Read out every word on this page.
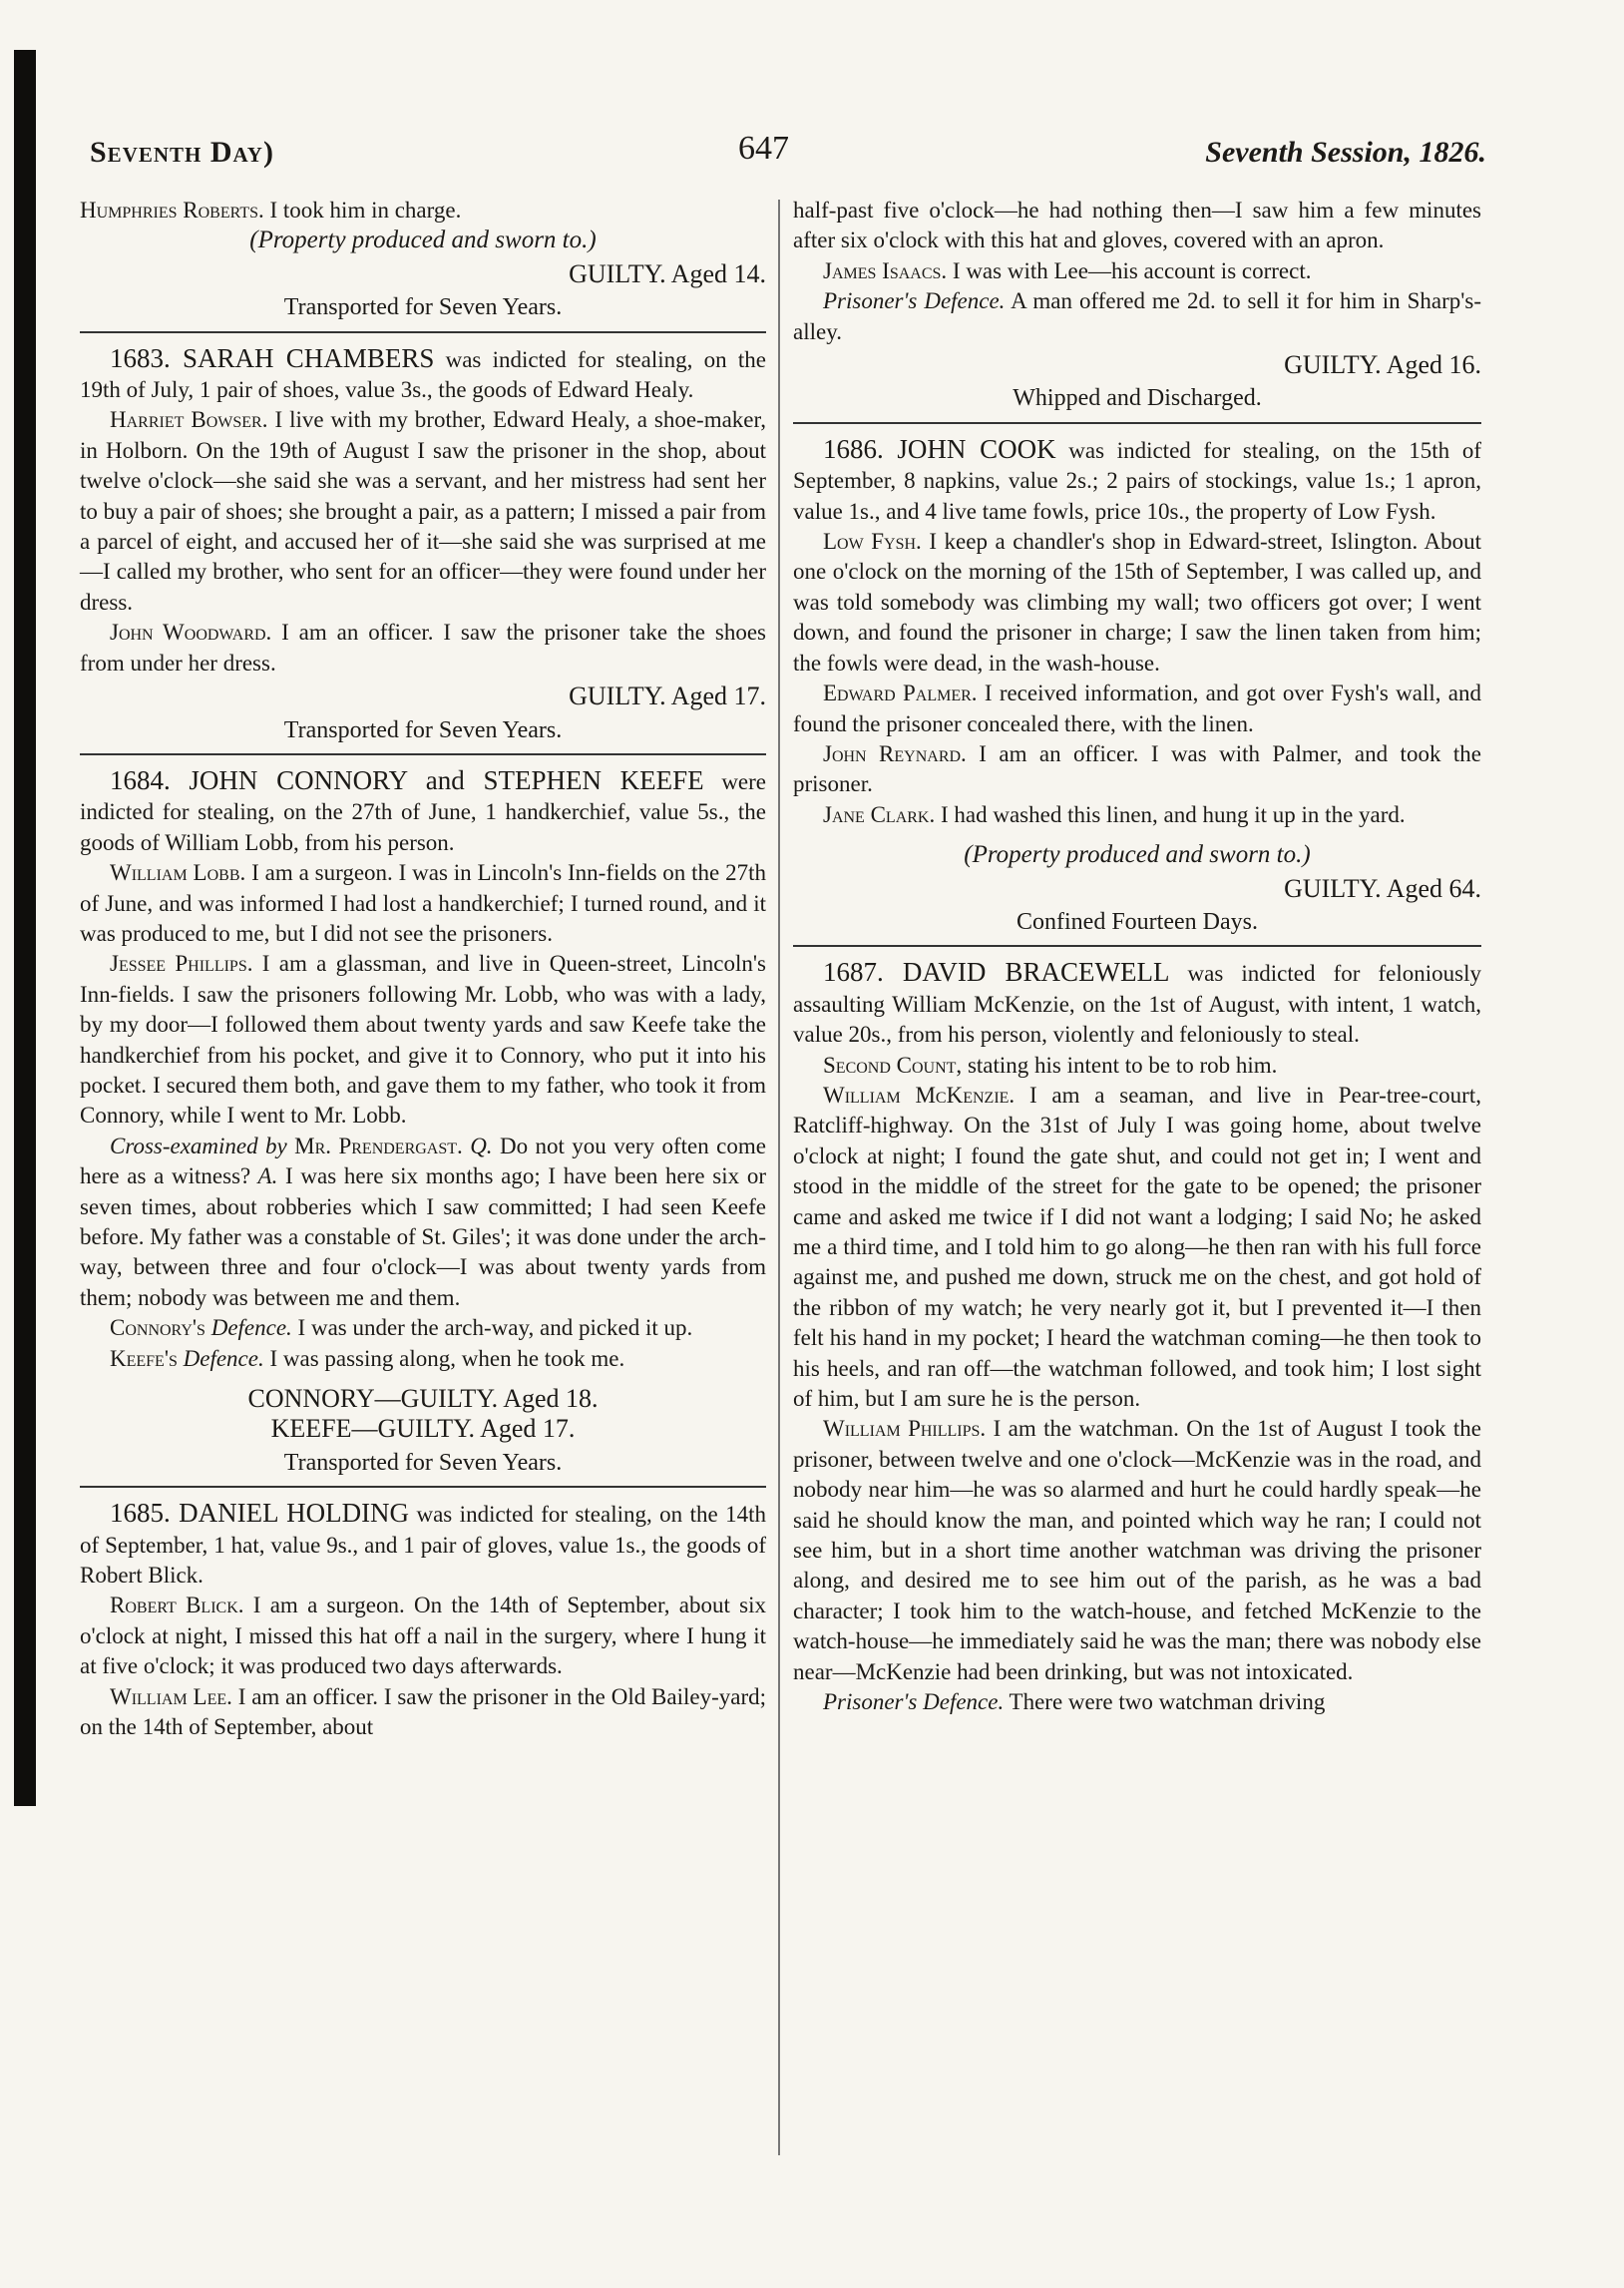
Seventh Day)	647	Seventh Session, 1826.

Humphries Roberts. I took him in charge.

(Property produced and sworn to.)
GUILTY. Aged 14.
Transported for Seven Years.

1683. SARAH CHAMBERS was indicted for stealing, on the 19th of July, 1 pair of shoes, value 3s., the goods of Edward Healy.

Harriet Bowser. I live with my brother, Edward Healy, a shoe-maker, in Holborn. On the 19th of August I saw the prisoner in the shop, about twelve o'clock—she said she was a servant, and her mistress had sent her to buy a pair of shoes; she brought a pair, as a pattern; I missed a pair from a parcel of eight, and accused her of it—she said she was surprised at me—I called my brother, who sent for an officer—they were found under her dress.

John Woodward. I am an officer. I saw the prisoner take the shoes from under her dress.

GUILTY. Aged 17.
Transported for Seven Years.

1684. JOHN CONNORY and STEPHEN KEEFE were indicted for stealing, on the 27th of June, 1 handkerchief, value 5s., the goods of William Lobb, from his person.

William Lobb. I am a surgeon. I was in Lincoln's Inn-fields on the 27th of June, and was informed I had lost a handkerchief; I turned round, and it was produced to me, but I did not see the prisoners.

Jessee Phillips. I am a glassman, and live in Queen-street, Lincoln's Inn-fields. I saw the prisoners following Mr. Lobb, who was with a lady, by my door—I followed them about twenty yards and saw Keefe take the handkerchief from his pocket, and give it to Connory, who put it into his pocket. I secured them both, and gave them to my father, who took it from Connory, while I went to Mr. Lobb.

Cross-examined by Mr. Prendergast. Q. Do not you very often come here as a witness? A. I was here six months ago; I have been here six or seven times, about robberies which I saw committed; I had seen Keefe before. My father was a constable of St. Giles'; it was done under the arch-way, between three and four o'clock—I was about twenty yards from them; nobody was between me and them.

Connory's Defence. I was under the arch-way, and picked it up.

Keefe's Defence. I was passing along, when he took me.

CONNORY—GUILTY. Aged 18.
KEEFE—GUILTY. Aged 17.
Transported for Seven Years.

1685. DANIEL HOLDING was indicted for stealing, on the 14th of September, 1 hat, value 9s., and 1 pair of gloves, value 1s., the goods of Robert Blick.

Robert Blick. I am a surgeon. On the 14th of September, about six o'clock at night, I missed this hat off a nail in the surgery, where I hung it at five o'clock; it was produced two days afterwards.

William Lee. I am an officer. I saw the prisoner in the Old Bailey-yard; on the 14th of September, about

half-past five o'clock—he had nothing then—I saw him a few minutes after six o'clock with this hat and gloves, covered with an apron.

James Isaacs. I was with Lee—his account is correct.

Prisoner's Defence. A man offered me 2d. to sell it for him in Sharp's-alley.

GUILTY. Aged 16.
Whipped and Discharged.

1686. JOHN COOK was indicted for stealing, on the 15th of September, 8 napkins, value 2s.; 2 pairs of stockings, value 1s.; 1 apron, value 1s., and 4 live tame fowls, price 10s., the property of Low Fysh.

Low Fysh. I keep a chandler's shop in Edward-street, Islington. About one o'clock on the morning of the 15th of September, I was called up, and was told somebody was climbing my wall; two officers got over; I went down, and found the prisoner in charge; I saw the linen taken from him; the fowls were dead, in the wash-house.

Edward Palmer. I received information, and got over Fysh's wall, and found the prisoner concealed there, with the linen.

John Reynard. I am an officer. I was with Palmer, and took the prisoner.

Jane Clark. I had washed this linen, and hung it up in the yard.

(Property produced and sworn to.)
GUILTY. Aged 64.
Confined Fourteen Days.

1687. DAVID BRACEWELL was indicted for feloniously assaulting William McKenzie, on the 1st of August, with intent, 1 watch, value 20s., from his person, violently and feloniously to steal.

Second Count, stating his intent to be to rob him.

William McKenzie. I am a seaman, and live in Pear-tree-court, Ratcliff-highway. On the 31st of July I was going home, about twelve o'clock at night; I found the gate shut, and could not get in; I went and stood in the middle of the street for the gate to be opened; the prisoner came and asked me twice if I did not want a lodging; I said No; he asked me a third time, and I told him to go along—he then ran with his full force against me, and pushed me down, struck me on the chest, and got hold of the ribbon of my watch; he very nearly got it, but I prevented it—I then felt his hand in my pocket; I heard the watchman coming—he then took to his heels, and ran off—the watchman followed, and took him; I lost sight of him, but I am sure he is the person.

William Phillips. I am the watchman. On the 1st of August I took the prisoner, between twelve and one o'clock—McKenzie was in the road, and nobody near him—he was so alarmed and hurt he could hardly speak—he said he should know the man, and pointed which way he ran; I could not see him, but in a short time another watchman was driving the prisoner along, and desired me to see him out of the parish, as he was a bad character; I took him to the watch-house, and fetched McKenzie to the watch-house—he immediately said he was the man; there was nobody else near—McKenzie had been drinking, but was not intoxicated.

Prisoner's Defence. There were two watchman driving
